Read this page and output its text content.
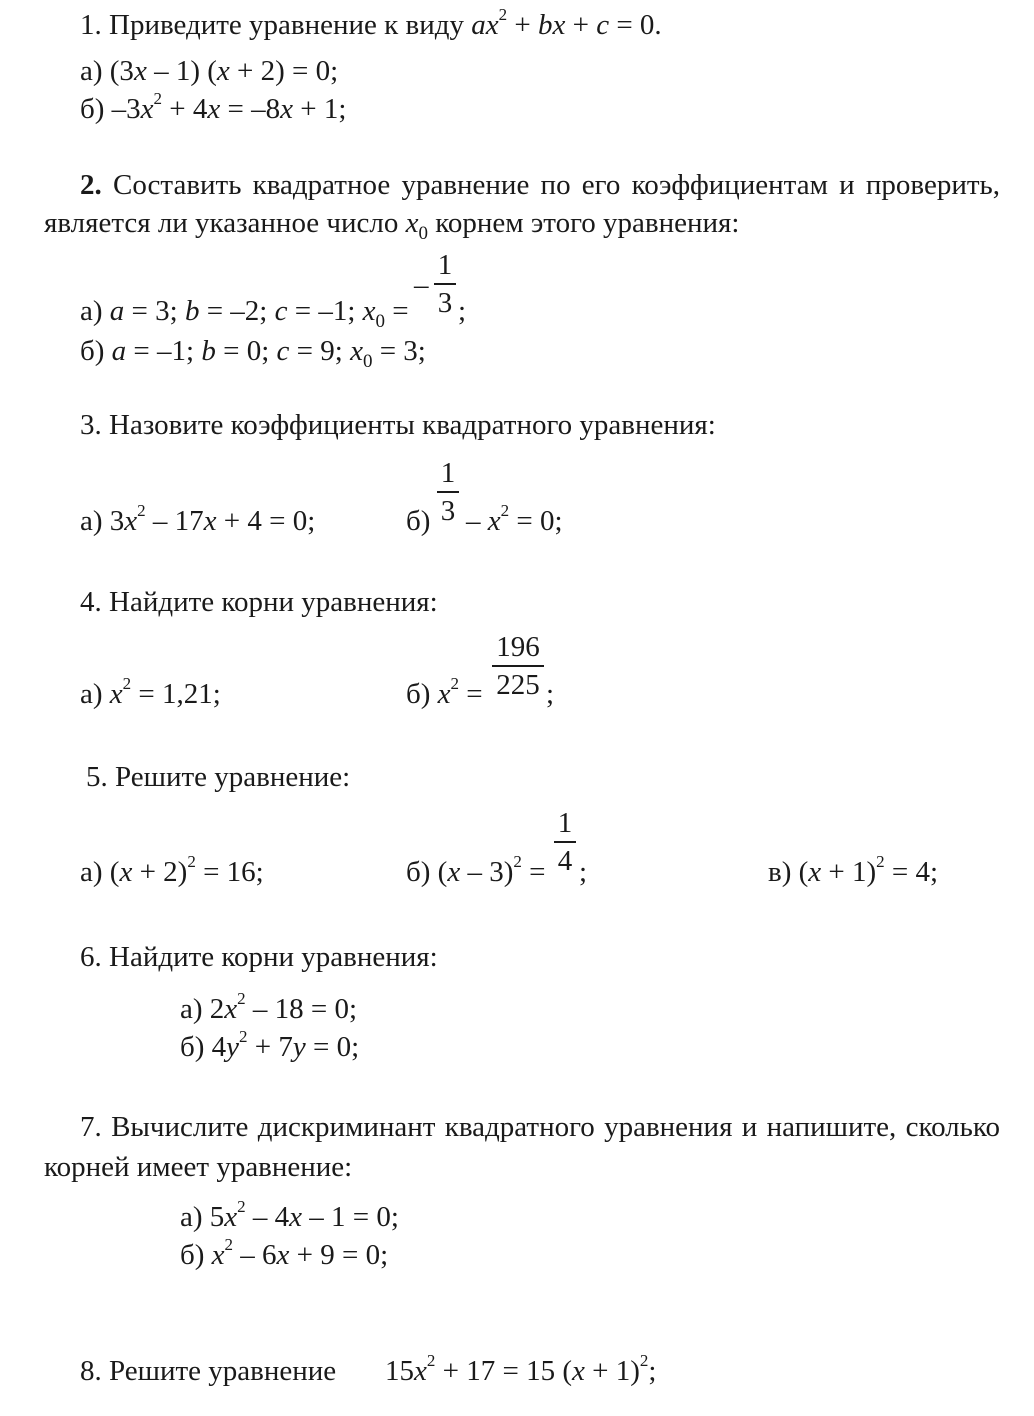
1. Приведите уравнение к виду $ax^2$ + bx + c = 0.
а) (3x – 1) (x + 2) = 0;
б) $-3x^2 + 4x = -8x + 1$;
2. Составить квадратное уравнение по его коэффициентам и проверить,
является ли указанное число $x_0$ корнем этого уравнения:
–
1
3
а) a = 3; b = –2; c = –1; $x_0$ = ;
б) a = –1; b = 0; c = 9; $x_0 = 3$;
3. Назовите коэффициенты квадратного уравнения:
а) $3x^2 - 17x + 4 = 0$;	б)
1
$3 - x^2 = 0$;
4. Найдите корни уравнения:
а) $x^2 = 1,21$;	б) $x^2$ =
196
225 ;
5. Решите уравнение:
а) $(x + 2)^2 = 16$;	б) (x – 3)$^2$ =
1
4 ;	в) $(x + 1)^2 = 4$;
6. Найдите корни уравнения:
а) $2x^2 - 18 = 0$;
б) $4y^2 + 7y = 0$;
7. Вычислите дискриминант квадратного уравнения и напишите, сколько
корней имеет уравнение:
а) $5x^2 - 4x - 1 = 0$;
б) $x^2 - 6x + 9 = 0$;
8. Решите уравнение $15x^2 + 17 = 15$ $(x + 1)^2$;
